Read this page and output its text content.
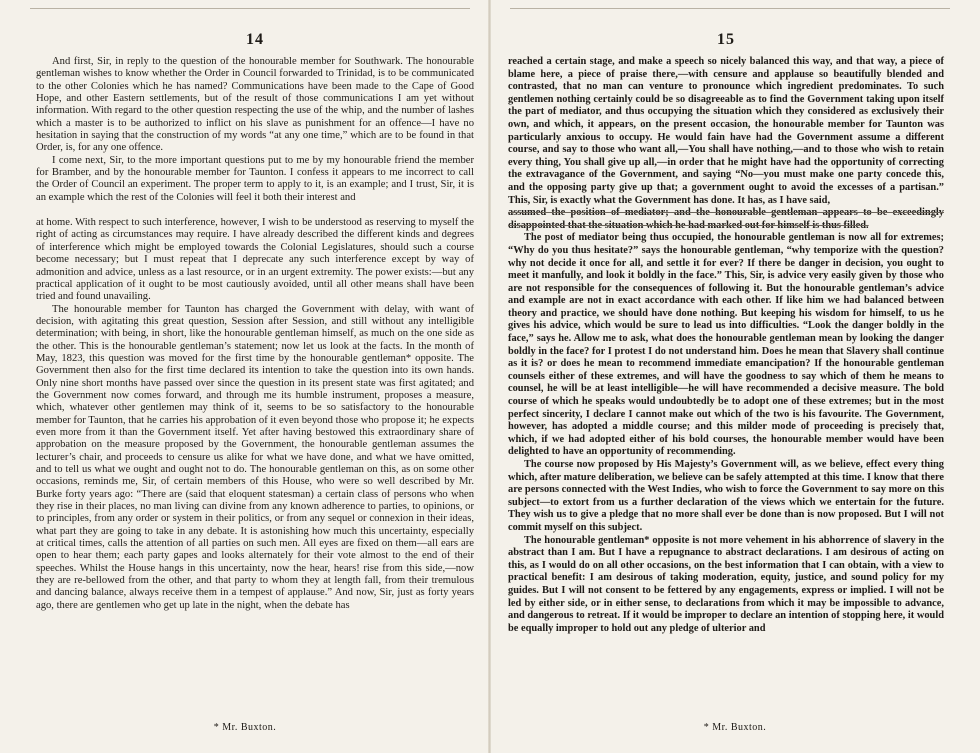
14

And first, Sir, in reply to the question of the honourable member for Southwark. The honourable gentleman wishes to know whether the Order in Council forwarded to Trinidad, is to be communicated to the other Colonies which he has named? Communications have been made to the Cape of Good Hope, and other Eastern settlements, but of the result of those communications I am yet without information. With regard to the other question respecting the use of the whip, and the number of lashes which a master is to be authorized to inflict on his slave as punishment for an offence—I have no hesitation in saying that the construction of my words “at any one time,” which are to be found in that Order, is, for any one offence.

I come next, Sir, to the more important questions put to me by my honourable friend the member for Bramber, and by the honourable member for Taunton. I confess it appears to me incorrect to call the Order of Council an experiment. The proper term to apply to it, is an example; and I trust, Sir, it is an example which the rest of the Colonies will feel it both their interest and

at home. With respect to such interference, however, I wish to be understood as reserving to myself the right of acting as circumstances may require. I have already described the different kinds and degrees of interference which might be employed towards the Colonial Legislatures, should such a course become necessary; but I must repeat that I deprecate any such interference except by way of admonition and advice, unless as a last resource, or in an urgent extremity. The power exists:—but any practical application of it ought to be most cautiously avoided, until all other means shall have been tried and found unavailing.

The honourable member for Taunton has charged the Government with delay, with want of decision, with agitating this great question, Session after Session, and still without any intelligible determination; with being, in short, like the honourable gentleman himself, as much on the one side as the other. This is the honourable gentleman’s statement; now let us look at the facts. In the month of May, 1823, this question was moved for the first time by the honourable gentleman* opposite. The Government then also for the first time declared its intention to take the question into its own hands. Only nine short months have passed over since the question in its present state was first agitated; and the Government now comes forward, and through me its humble instrument, proposes a measure, which, whatever other gentlemen may think of it, seems to be so satisfactory to the honourable member for Taunton, that he carries his approbation of it even beyond those who propose it; he expects even more from it than the Government itself. Yet after having bestowed this extraordinary share of approbation on the measure proposed by the Government, the honourable gentleman assumes the lecturer’s chair, and proceeds to censure us alike for what we have done, and what we have omitted, and to tell us what we ought and ought not to do. The honourable gentleman on this, as on some other occasions, reminds me, Sir, of certain members of this House, who were so well described by Mr. Burke forty years ago: “There are (said that eloquent statesman) a certain class of persons who when they rise in their places, no man living can divine from any known adherence to parties, to opinions, or to principles, from any order or system in their politics, or from any sequel or connexion in their ideas, what part they are going to take in any debate. It is astonishing how much this uncertainty, especially at critical times, calls the attention of all parties on such men. All eyes are fixed on them—all ears are open to hear them; each party gapes and looks alternately for their vote almost to the end of their speeches. Whilst the House hangs in this uncertainty, now the hear, hears! rise from this side,—now they are re-bellowed from the other, and that party to whom they at length fall, from their tremulous and dancing balance, always receive them in a tempest of applause.” And now, Sir, just as forty years ago, there are gentlemen who get up late in the night, when the debate has

* Mr. Buxton.
15

reached a certain stage, and make a speech so nicely balanced this way, and that way, a piece of blame here, a piece of praise there,—with censure and applause so beautifully blended and contrasted, that no man can venture to pronounce which ingredient predominates. To such gentlemen nothing certainly could be so disagreeable as to find the Government taking upon itself the part of mediator, and thus occupying the situation which they considered as exclusively their own, and which, it appears, on the present occasion, the honourable member for Taunton was particularly anxious to occupy. He would fain have had the Government assume a different course, and say to those who want all,—You shall have nothing,—and to those who wish to retain every thing, You shall give up all,—in order that he might have had the opportunity of correcting the extravagance of the Government, and saying “No—you must make one party concede this, and the opposing party give up that; a government ought to avoid the excesses of a partisan.” This, Sir, is exactly what the Government has done. It has, as I have said,

assumed the position of mediator; and the honourable gentleman appears to be exceedingly disappointed that the situation which he had marked out for himself is thus filled.

The post of mediator being thus occupied, the honourable gentleman is now all for extremes; “Why do you thus hesitate?” says the honourable gentleman, “why temporize with the question? why not decide it once for all, and settle it for ever? If there be danger in decision, you ought to meet it manfully, and look it boldly in the face.” This, Sir, is advice very easily given by those who are not responsible for the consequences of following it. But the honourable gentleman’s advice and example are not in exact accordance with each other. If like him we had balanced between theory and practice, we should have done nothing. But keeping his wisdom for himself, to us he gives his advice, which would be sure to lead us into difficulties. “Look the danger boldly in the face,” says he. Allow me to ask, what does the honourable gentleman mean by looking the danger boldly in the face? for I protest I do not understand him. Does he mean that Slavery shall continue as it is? or does he mean to recommend immediate emancipation? If the honourable gentleman counsels either of these extremes, and will have the goodness to say which of them he means to counsel, he will be at least intelligible—he will have recommended a decisive measure. The bold course of which he speaks would undoubtedly be to adopt one of these extremes; but in the most perfect sincerity, I declare I cannot make out which of the two is his favourite. The Government, however, has adopted a middle course; and this milder mode of proceeding is precisely that, which, if we had adopted either of his bold courses, the honourable member would have been delighted to have an opportunity of recommending.

The course now proposed by His Majesty’s Government will, as we believe, effect every thing which, after mature deliberation, we believe can be safely attempted at this time. I know that there are persons connected with the West Indies, who wish to force the Government to say more on this subject—to extort from us a further declaration of the views which we entertain for the future. They wish us to give a pledge that no more shall ever be done than is now proposed. But I will not commit myself on this subject.

The honourable gentleman* opposite is not more vehement in his abhorrence of slavery in the abstract than I am. But I have a repugnance to abstract declarations. I am desirous of acting on this, as I would do on all other occasions, on the best information that I can obtain, with a view to practical benefit: I am desirous of taking moderation, equity, justice, and sound policy for my guides. But I will not consent to be fettered by any engagements, express or implied. I will not be led by either side, or in either sense, to declarations from which it may be impossible to advance, and dangerous to retreat. If it would be improper to declare an intention of stopping here, it would be equally improper to hold out any pledge of ulterior and

* Mr. Buxton.
